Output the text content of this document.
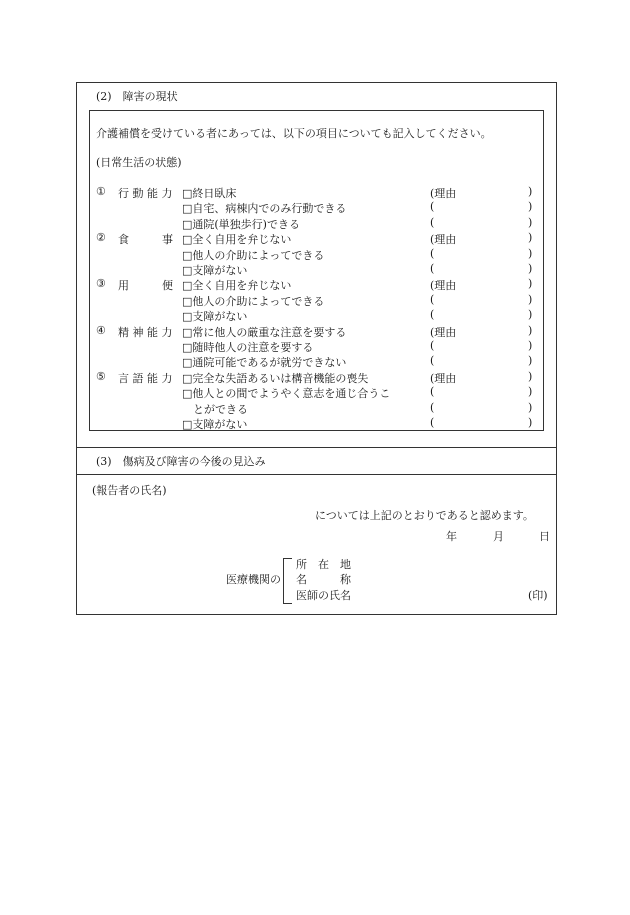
(2)　障害の現状
介護補償を受けている者にあっては、以下の項目についても記入してください。
(日常生活の状態)
① 行 動 能 力 □終日臥床	(理由	)
□自宅、病棟内でのみ行動できる	(	)
□通院(単独歩行)できる	(	)
② 食　　　事 □全く自用を弁じない	(理由	)
□他人の介助によってできる	(	)
□支障がない	(	)
③ 用　　　便 □全く自用を弁じない	(理由	)
□他人の介助によってできる	(	)
□支障がない	(	)
④ 精 神 能 力 □常に他人の厳重な注意を要する	(理由	)
□随時他人の注意を要する	(	)
□通院可能であるが就労できない	(	)
⑤ 言 語 能 力 □完全な失語あるいは構音機能の喪失	(理由	)
□他人との間でようやく意志を通じ合うこ	(	)
　とができる	(	)
□支障がない	(	)
(3)　傷病及び障害の今後の見込み
(報告者の氏名)
については上記のとおりであると認めます。
年	月	日
医療機関の
所　在　地
名　　　称
医師の氏名	(印)
